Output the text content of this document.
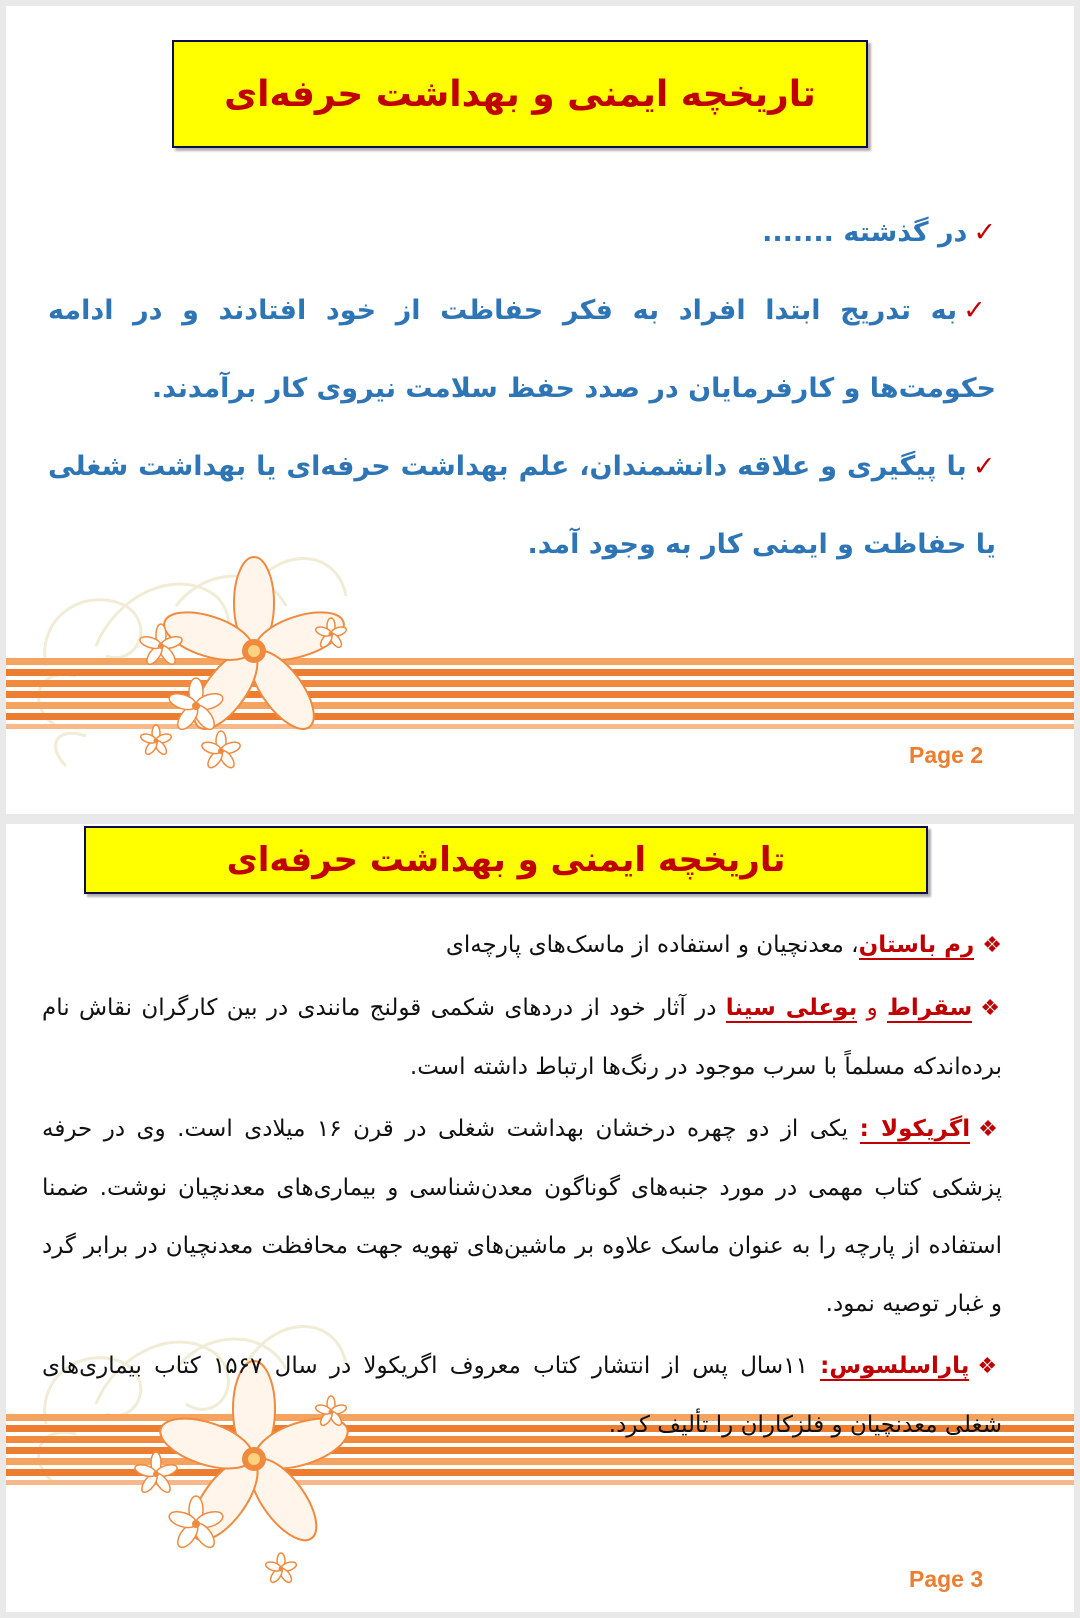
تاریخچه ایمنی و بهداشت حرفه‌ای

✓در گذشته .......

✓به تدریج ابتدا افراد به فکر حفاظت از خود افتادند و در ادامه حکومت‌ها و کارفرمایان در صدد حفظ سلامت نیروی کار برآمدند.

✓با پیگیری و علاقه دانشمندان، علم بهداشت حرفه‌ای یا بهداشت شغلی یا حفاظت و ایمنی کار به وجود آمد.

Page 2
تاریخچه ایمنی و بهداشت حرفه‌ای

❖رم باستان، معدنچیان و استفاده از ماسک‌های پارچه‌ای

❖سقراط و بوعلی سینا در آثار خود از دردهای شکمی قولنج مانندی در بین کارگران نقاش نام برده‌اندکه مسلماً با سرب موجود در رنگ‌ها ارتباط داشته است.

❖اگریکولا : یکی از دو چهره درخشان بهداشت شغلی در قرن ۱۶ میلادی است. وی در حرفه پزشکی کتاب مهمی در مورد جنبه‌های گوناگون معدن‌شناسی و بیماری‌های معدنچیان نوشت. ضمنا استفاده از پارچه را به عنوان ماسک علاوه بر ماشین‌های تهویه جهت محافظت معدنچیان در برابر گرد و غبار توصیه نمود.

❖پاراسلسوس: ۱۱سال پس از انتشار کتاب معروف اگریکولا در سال ۱۵۶۷ کتاب بیماری‌های شغلی معدنچیان و فلزکاران را تألیف کرد.

Page 3
